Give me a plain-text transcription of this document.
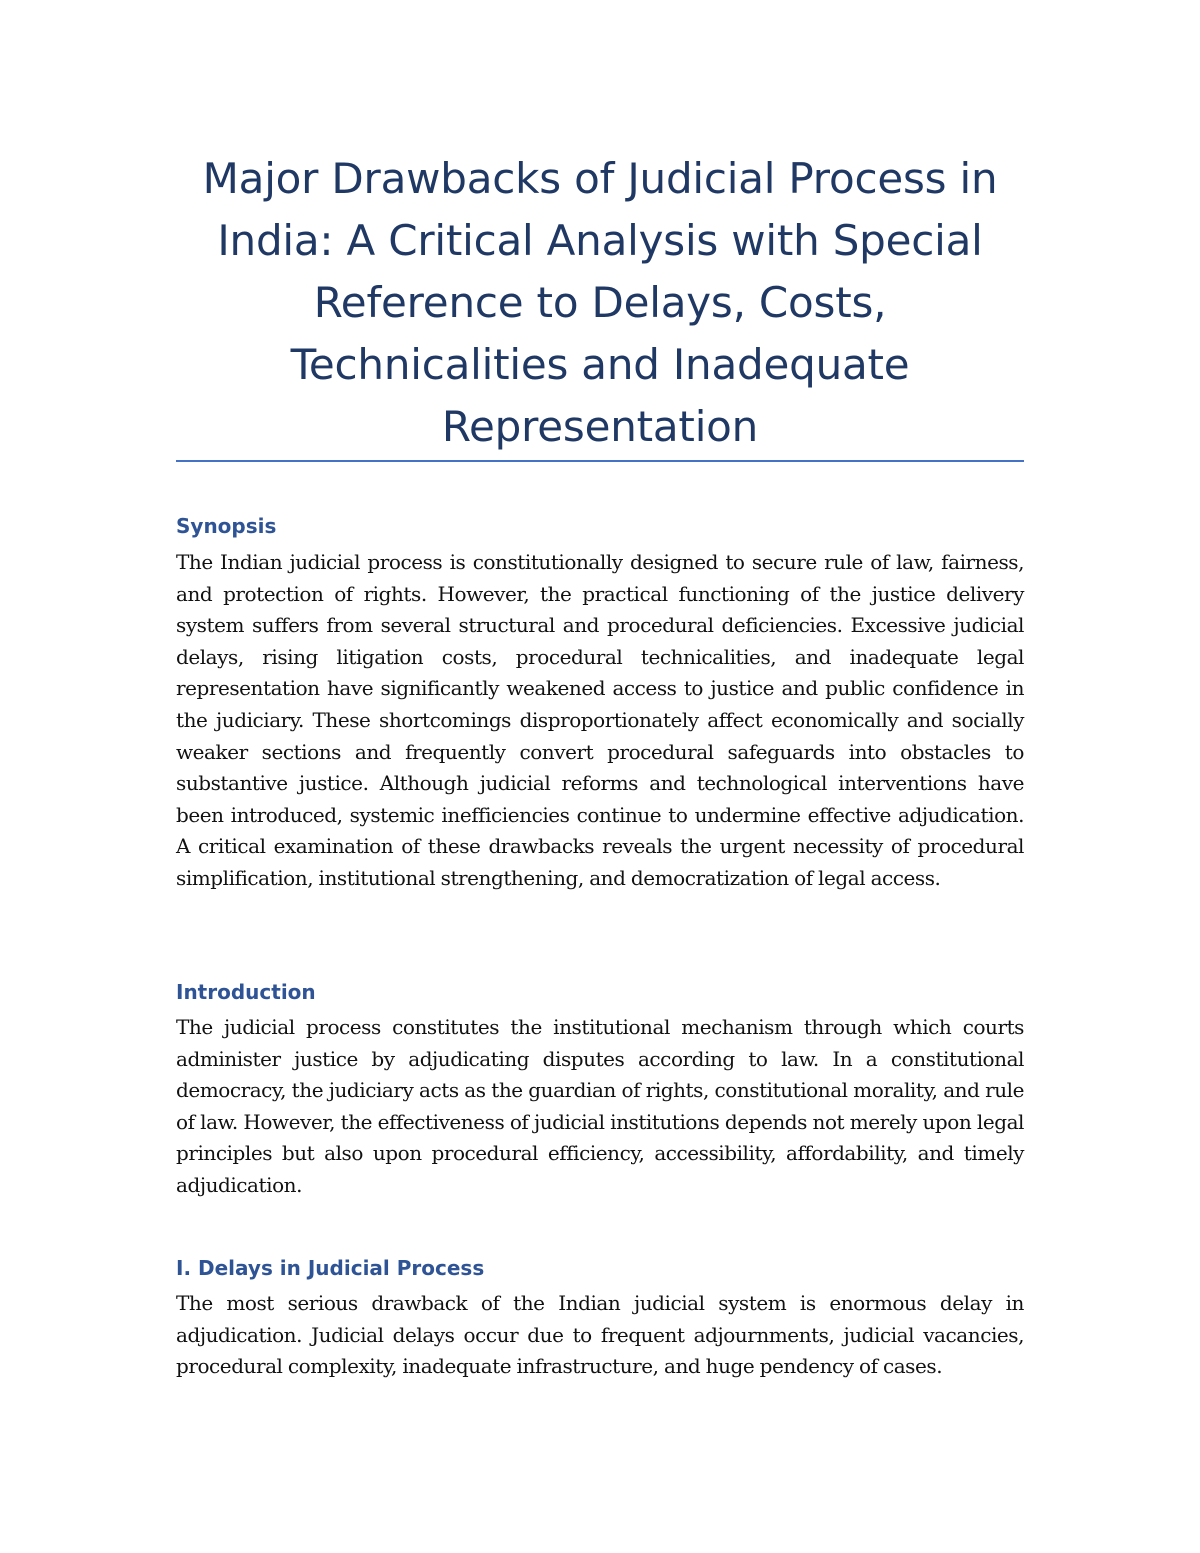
Major Drawbacks of Judicial Process in India: A Critical Analysis with Special Reference to Delays, Costs, Technicalities and Inadequate Representation
Synopsis

The Indian judicial process is constitutionally designed to secure rule of law, fairness, and protection of rights. However, the practical functioning of the justice delivery system suffers from several structural and procedural deficiencies. Excessive judicial delays, rising litigation costs, procedural technicalities, and inadequate legal representation have significantly weakened access to justice and public confidence in the judiciary. These shortcomings disproportionately affect economically and socially weaker sections and frequently convert procedural safeguards into obstacles to substantive justice. Although judicial reforms and technological interventions have been introduced, systemic inefficiencies continue to undermine effective adjudication. A critical examination of these drawbacks reveals the urgent necessity of procedural simplification, institutional strengthening, and democratization of legal access.

Introduction

The judicial process constitutes the institutional mechanism through which courts administer justice by adjudicating disputes according to law. In a constitutional democracy, the judiciary acts as the guardian of rights, constitutional morality, and rule of law. However, the effectiveness of judicial institutions depends not merely upon legal principles but also upon procedural efficiency, accessibility, affordability, and timely adjudication.

I. Delays in Judicial Process

The most serious drawback of the Indian judicial system is enormous delay in adjudication. Judicial delays occur due to frequent adjournments, judicial vacancies, procedural complexity, inadequate infrastructure, and huge pendency of cases.
